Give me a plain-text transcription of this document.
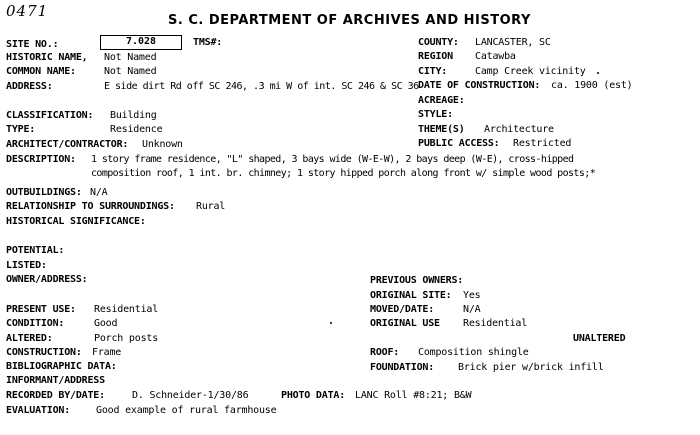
0471
S. C. DEPARTMENT OF ARCHIVES AND HISTORY
SITE NO.:	7.028	TMS#:
HISTORIC NAME, Not Named
COMMON NAME:	Not Named
ADDRESS:	E side dirt Rd off SC 246, .3 mi W of int. SC 246 & SC 36
CLASSIFICATION: Building
TYPE:	Residence
ARCHITECT/CONTRACTOR: Unknown
DESCRIPTION: 1 story frame residence, "L" shaped, 3 bays wide (W-E-W), 2 bays deep (W-E), cross-hipped
composition roof, 1 int. br. chimney; 1 story hipped porch along front w/ simple wood posts;*
OUTBUILDINGS: N/A
RELATIONSHIP TO SURROUNDINGS: Rural
HISTORICAL SIGNIFICANCE:
POTENTIAL:
LISTED:
OWNER/ADDRESS:
PRESENT USE: Residential
CONDITION:	Good
ALTERED:	Porch posts
CONSTRUCTION: Frame
BIBLIOGRAPHIC DATA:
INFORMANT/ADDRESS
RECORDED BY/DATE:	D. Schneider-1/30/86	PHOTO DATA: LANC Roll #8:21; B&W
EVALUATION:	Good example of rural farmhouse
COUNTY: LANCASTER, SC
REGION Catawba
CITY:	Camp Creek vicinity
DATE OF CONSTRUCTION: ca. 1900 (est)
ACREAGE:
STYLE:
THEME(S) Architecture
PUBLIC ACCESS: Restricted
PREVIOUS OWNERS:
ORIGINAL SITE: Yes
MOVED/DATE:	N/A
ORIGINAL USE Residential
UNALTERED
ROOF: Composition shingle
FOUNDATION: Brick pier w/brick infill
